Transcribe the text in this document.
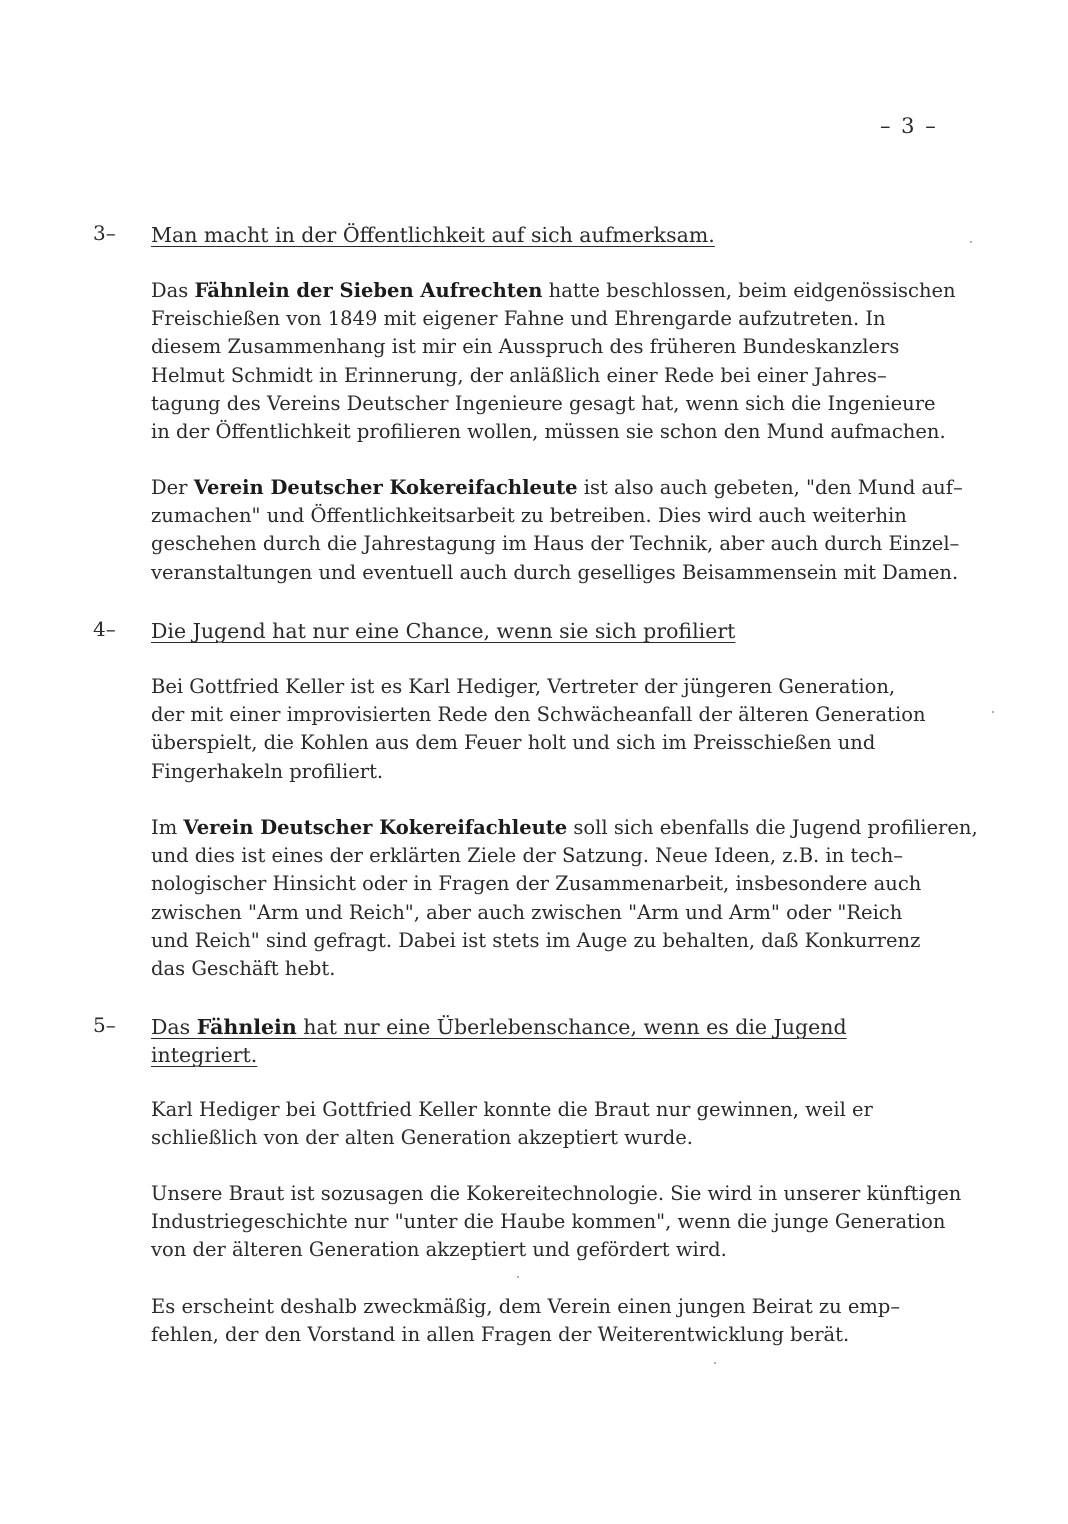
– 3 –
3– Man macht in der Öffentlichkeit auf sich aufmerksam.
Das Fähnlein der Sieben Aufrechten hatte beschlossen, beim eidgenössischen
Freischießen von 1849 mit eigener Fahne und Ehrengarde aufzutreten. In
diesem Zusammenhang ist mir ein Ausspruch des früheren Bundeskanzlers
Helmut Schmidt in Erinnerung, der anläßlich einer Rede bei einer Jahres–
tagung des Vereins Deutscher Ingenieure gesagt hat, wenn sich die Ingenieure
in der Öffentlichkeit profilieren wollen, müssen sie schon den Mund aufmachen.
Der Verein Deutscher Kokereifachleute ist also auch gebeten, "den Mund auf–
zumachen" und Öffentlichkeitsarbeit zu betreiben. Dies wird auch weiterhin
geschehen durch die Jahrestagung im Haus der Technik, aber auch durch Einzel–
veranstaltungen und eventuell auch durch geselliges Beisammensein mit Damen.
4– Die Jugend hat nur eine Chance, wenn sie sich profiliert
Bei Gottfried Keller ist es Karl Hediger, Vertreter der jüngeren Generation,
der mit einer improvisierten Rede den Schwächeanfall der älteren Generation
überspielt, die Kohlen aus dem Feuer holt und sich im Preisschießen und
Fingerhakeln profiliert.
Im Verein Deutscher Kokereifachleute soll sich ebenfalls die Jugend profilieren,
und dies ist eines der erklärten Ziele der Satzung. Neue Ideen, z.B. in tech–
nologischer Hinsicht oder in Fragen der Zusammenarbeit, insbesondere auch
zwischen "Arm und Reich", aber auch zwischen "Arm und Arm" oder "Reich
und Reich" sind gefragt. Dabei ist stets im Auge zu behalten, daß Konkurrenz
das Geschäft hebt.
5– Das Fähnlein hat nur eine Überlebenschance, wenn es die Jugend
integriert.
Karl Hediger bei Gottfried Keller konnte die Braut nur gewinnen, weil er
schließlich von der alten Generation akzeptiert wurde.
Unsere Braut ist sozusagen die Kokereitechnologie. Sie wird in unserer künftigen
Industriegeschichte nur "unter die Haube kommen", wenn die junge Generation
von der älteren Generation akzeptiert und gefördert wird.
Es erscheint deshalb zweckmäßig, dem Verein einen jungen Beirat zu emp–
fehlen, der den Vorstand in allen Fragen der Weiterentwicklung berät.
